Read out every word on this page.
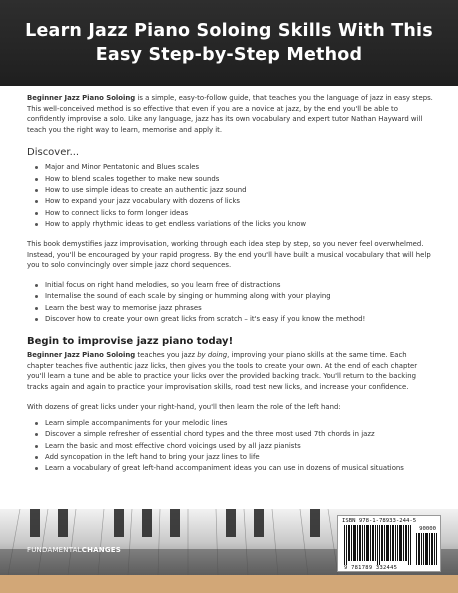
Learn Jazz Piano Soloing Skills With This
Easy Step-by-Step Method

Beginner Jazz Piano Soloing is a simple, easy-to-follow guide, that teaches you the language of jazz in easy steps. This well-conceived method is so effective that even if you are a novice at jazz, by the end you'll be able to confidently improvise a solo. Like any language, jazz has its own vocabulary and expert tutor Nathan Hayward will teach you the right way to learn, memorise and apply it.

Discover...
Major and Minor Pentatonic and Blues scales
How to blend scales together to make new sounds
How to use simple ideas to create an authentic jazz sound
How to expand your jazz vocabulary with dozens of licks
How to connect licks to form longer ideas
How to apply rhythmic ideas to get endless variations of the licks you know

This book demystifies jazz improvisation, working through each idea step by step, so you never feel overwhelmed. Instead, you'll be encouraged by your rapid progress. By the end you'll have built a musical vocabulary that will help you to solo convincingly over simple jazz chord sequences.

Initial focus on right hand melodies, so you learn free of distractions
Internalise the sound of each scale by singing or humming along with your playing
Learn the best way to memorise jazz phrases
Discover how to create your own great licks from scratch – it's easy if you know the method!
Begin to improvise jazz piano today!

Beginner Jazz Piano Soloing teaches you jazz by doing, improving your piano skills at the same time. Each chapter teaches five authentic jazz licks, then gives you the tools to create your own. At the end of each chapter you'll learn a tune and be able to practice your licks over the provided backing track. You'll return to the backing tracks again and again to practice your improvisation skills, road test new licks, and increase your confidence.

With dozens of great licks under your right-hand, you'll then learn the role of the left hand:

Learn simple accompaniments for your melodic lines
Discover a simple refresher of essential chord types and the three most used 7th chords in jazz
Learn the basic and most effective chord voicings used by all jazz pianists
Add syncopation in the left hand to bring your jazz lines to life
Learn a vocabulary of great left-hand accompaniment ideas you can use in dozens of musical situations
FUNDAMENTALCHANGES
ISBN 978-1-78933-244-5
90000
9 781789 332445
